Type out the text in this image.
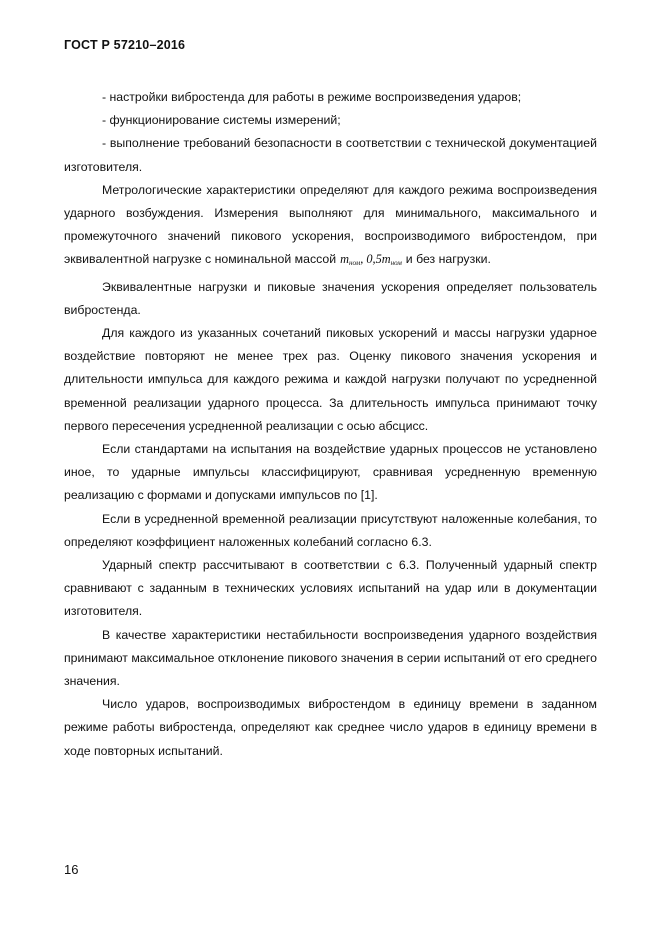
ГОСТ Р 57210–2016

- настройки вибростенда для работы в режиме воспроизведения ударов;

- функционирование системы измерений;

- выполнение требований безопасности в соответствии с технической документацией изготовителя.

Метрологические характеристики определяют для каждого режима воспроизведения ударного возбуждения. Измерения выполняют для минимального, максимального и промежуточного значений пикового ускорения, воспроизводимого вибростендом, при эквивалентной нагрузке с номинальной массой $m_{ном}$, $0,5m_{ном}$ и без нагрузки.

Эквивалентные нагрузки и пиковые значения ускорения определяет пользователь вибростенда.

Для каждого из указанных сочетаний пиковых ускорений и массы нагрузки ударное воздействие повторяют не менее трех раз. Оценку пикового значения ускорения и длительности импульса для каждого режима и каждой нагрузки получают по усредненной временной реализации ударного процесса. За длительность импульса принимают точку первого пересечения усредненной реализации с осью абсцисс.

Если стандартами на испытания на воздействие ударных процессов не установлено иное, то ударные импульсы классифицируют, сравнивая усредненную временную реализацию с формами и допусками импульсов по [1].

Если в усредненной временной реализации присутствуют наложенные колебания, то определяют коэффициент наложенных колебаний согласно 6.3.

Ударный спектр рассчитывают в соответствии с 6.3. Полученный ударный спектр сравнивают с заданным в технических условиях испытаний на удар или в документации изготовителя.

В качестве характеристики нестабильности воспроизведения ударного воздействия принимают максимальное отклонение пикового значения в серии испытаний от его среднего значения.

Число ударов, воспроизводимых вибростендом в единицу времени в заданном режиме работы вибростенда, определяют как среднее число ударов в единицу времени в ходе повторных испытаний.

16
